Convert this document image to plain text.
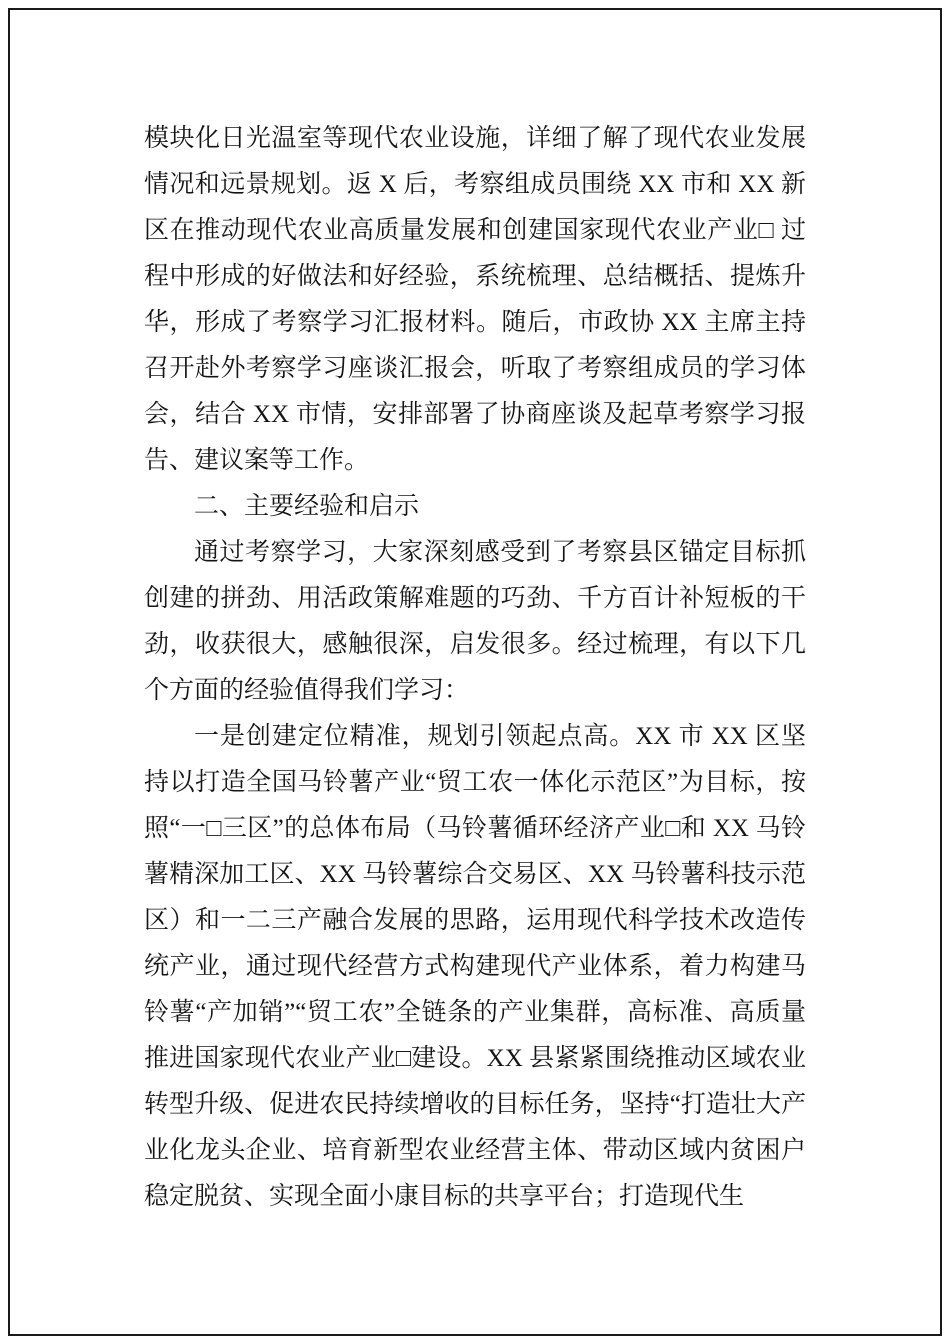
模块化日光温室等现代农业设施，详细了解了现代农业发展情况和远景规划。返 X 后，考察组成员围绕 XX 市和 XX 新区在推动现代农业高质量发展和创建国家现代农业产业□ 过程中形成的好做法和好经验，系统梳理、总结概括、提炼升华，形成了考察学习汇报材料。随后，市政协 XX 主席主持召开赴外考察学习座谈汇报会，听取了考察组成员的学习体会，结合 XX 市情，安排部署了协商座谈及起草考察学习报告、建议案等工作。

二、主要经验和启示

通过考察学习，大家深刻感受到了考察县区锚定目标抓创建的拼劲、用活政策解难题的巧劲、千方百计补短板的干劲，收获很大，感触很深，启发很多。经过梳理，有以下几个方面的经验值得我们学习：

一是创建定位精准，规划引领起点高。XX 市 XX 区坚持以打造全国马铃薯产业“贸工农一体化示范区”为目标，按照“一□三区”的总体布局（马铃薯循环经济产业□和 XX 马铃薯精深加工区、XX 马铃薯综合交易区、XX 马铃薯科技示范区）和一二三产融合发展的思路，运用现代科学技术改造传统产业，通过现代经营方式构建现代产业体系，着力构建马铃薯“产加销”“贸工农”全链条的产业集群，高标准、高质量推进国家现代农业产业□建设。XX 县紧紧围绕推动区域农业转型升级、促进农民持续增收的目标任务，坚持“打造壮大产业化龙头企业、培育新型农业经营主体、带动区域内贫困户稳定脱贫、实现全面小康目标的共享平台；打造现代生
